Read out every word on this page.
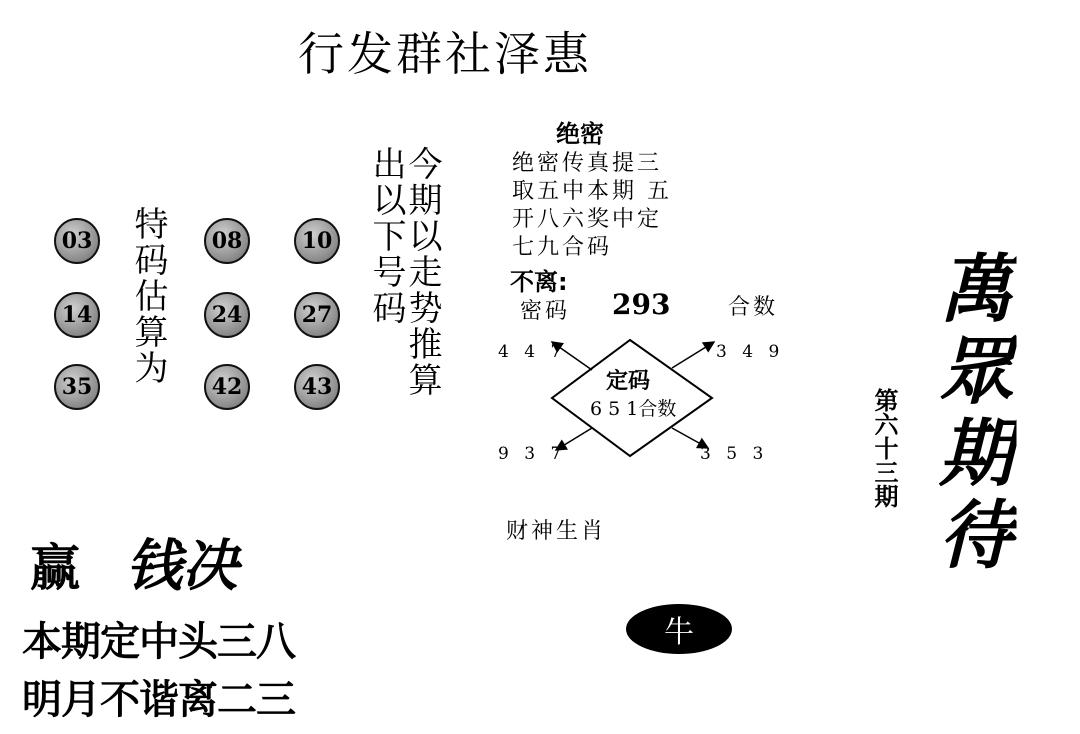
行发群社泽惠
特码估算为
03	08	10
14	24	27
35	42	43 今期以走势推算
出以下号码
绝密
绝密传真提三
取五中本期 五
开八六奖中定
七九合码
不离:
密码 293	合数
4 4 7	3 4 9
9 3 7	3 5 3
定码
6 5 1合数
财神生肖
牛
赢 钱决
本期定中头三八
明月不谐离二三
第六十三期 萬眾期待
